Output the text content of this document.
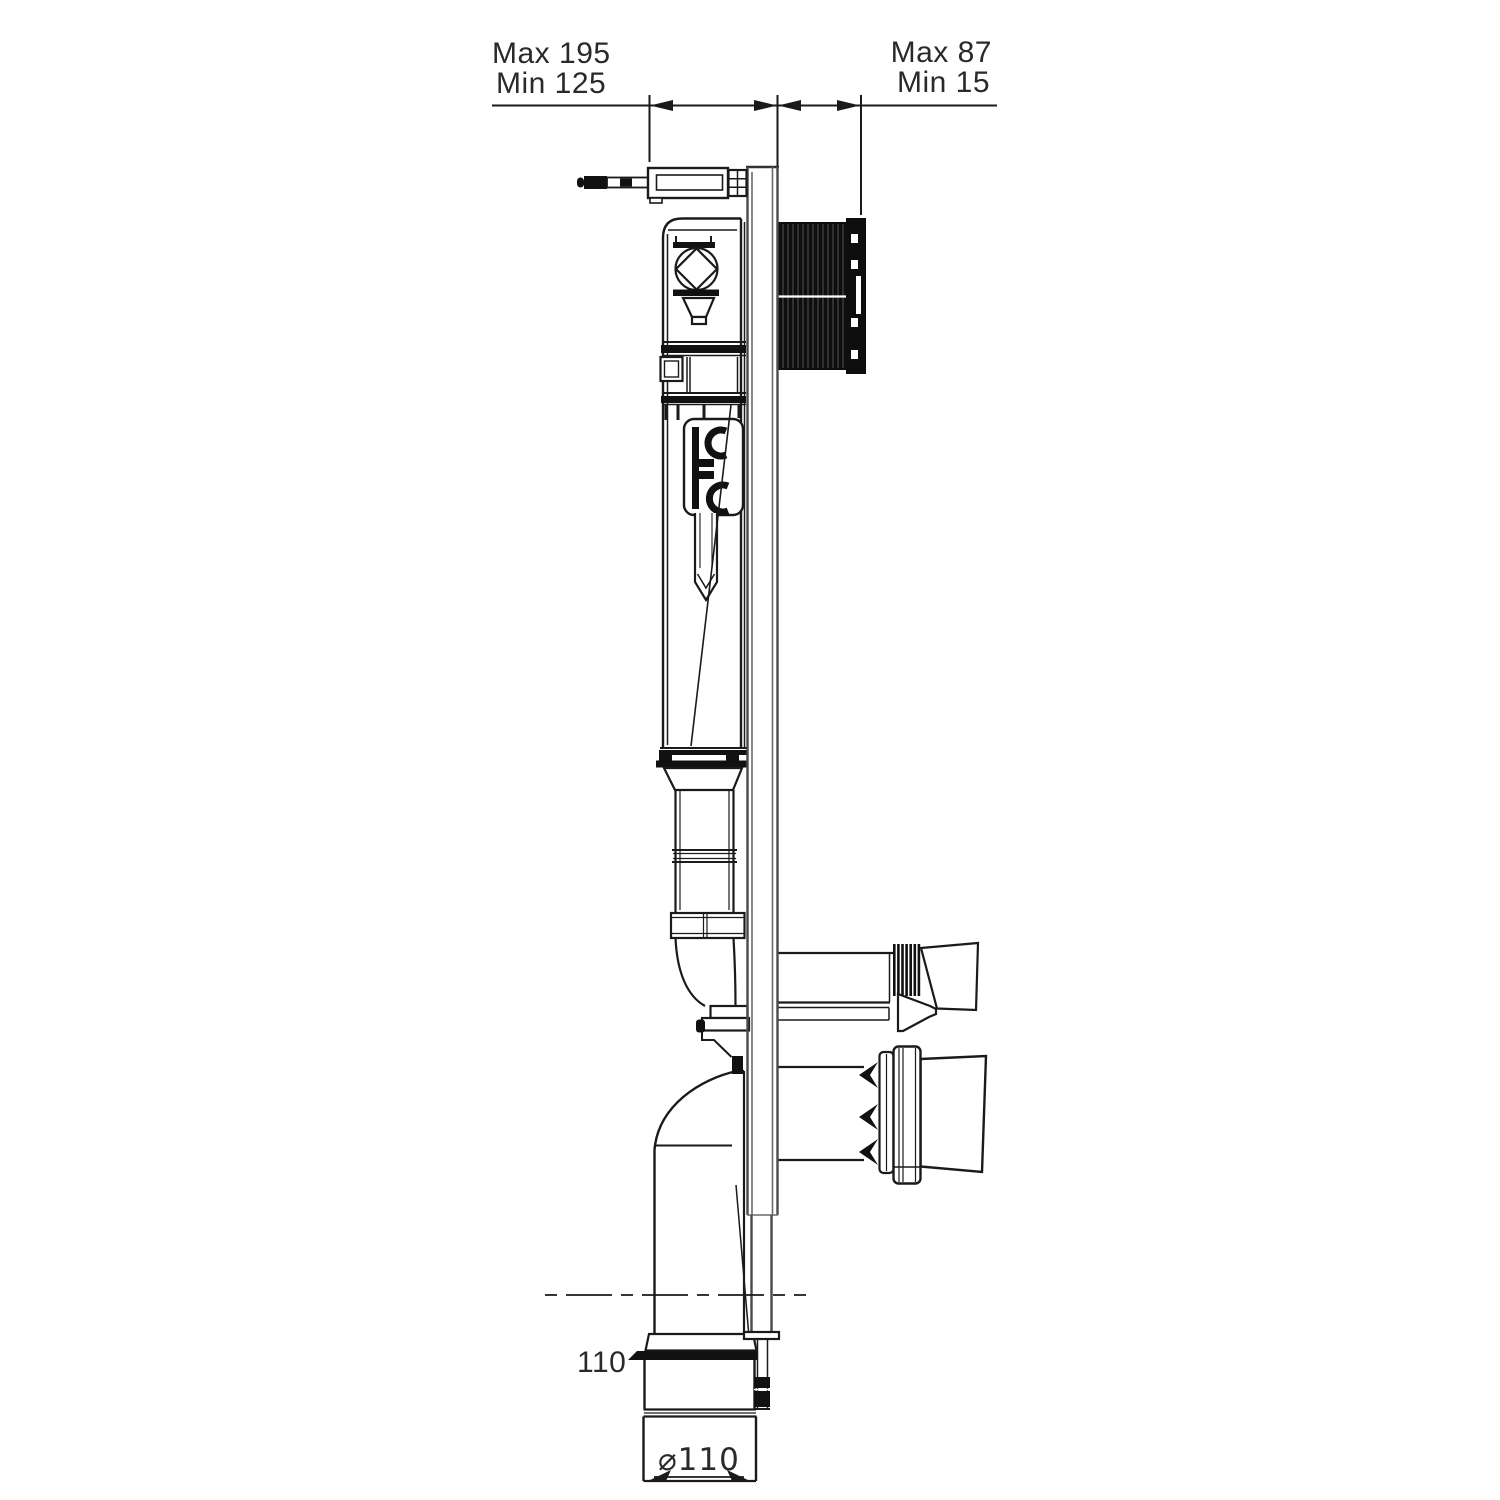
Max 195
Min 125
Max 87
Min 15
110
⌀110
